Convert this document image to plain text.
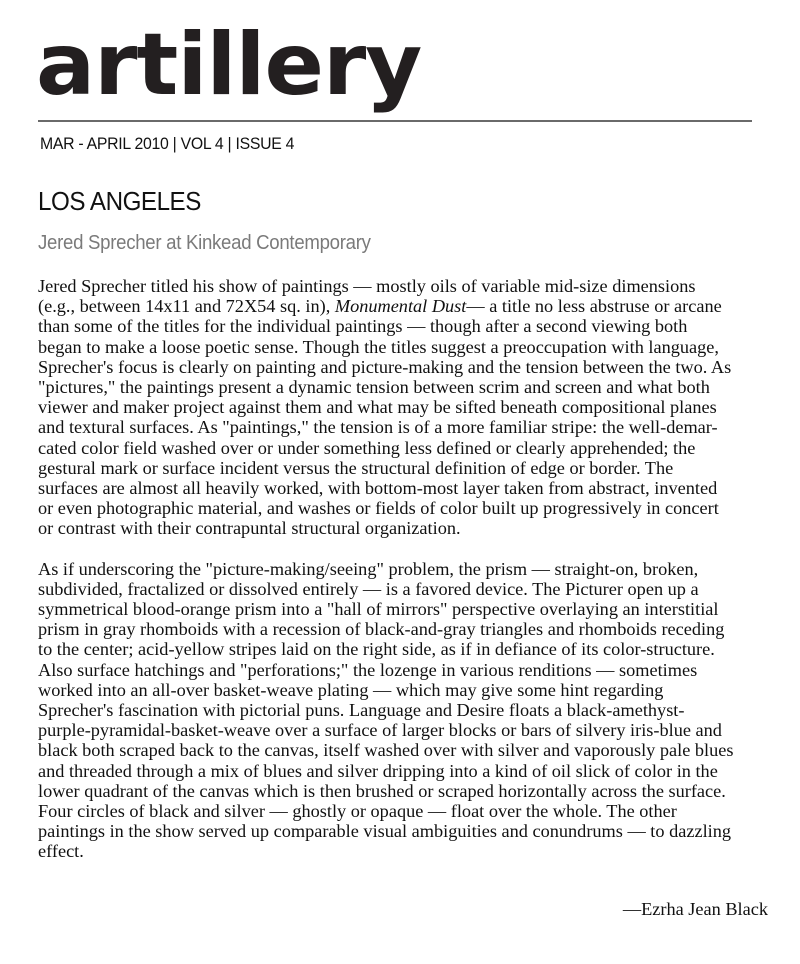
artillery
MAR - APRIL 2010 | VOL 4 | ISSUE 4
LOS ANGELES
Jered Sprecher at Kinkead Contemporary

Jered Sprecher titled his show of paintings — mostly oils of variable mid-size dimensions
(e.g., between 14x11 and 72X54 sq. in), Monumental Dust— a title no less abstruse or arcane
than some of the titles for the individual paintings — though after a second viewing both
began to make a loose poetic sense. Though the titles suggest a preoccupation with language,
Sprecher's focus is clearly on painting and picture-making and the tension between the two. As
"pictures," the paintings present a dynamic tension between scrim and screen and what both
viewer and maker project against them and what may be sifted beneath compositional planes
and textural surfaces. As "paintings," the tension is of a more familiar stripe: the well-demar-
cated color field washed over or under something less defined or clearly apprehended; the
gestural mark or surface incident versus the structural definition of edge or border. The
surfaces are almost all heavily worked, with bottom-most layer taken from abstract, invented
or even photographic material, and washes or fields of color built up progressively in concert
or contrast with their contrapuntal structural organization.

As if underscoring the "picture-making/seeing" problem, the prism — straight-on, broken,
subdivided, fractalized or dissolved entirely — is a favored device. The Picturer open up a
symmetrical blood-orange prism into a "hall of mirrors" perspective overlaying an interstitial
prism in gray rhomboids with a recession of black-and-gray triangles and rhomboids receding
to the center; acid-yellow stripes laid on the right side, as if in defiance of its color-structure.
Also surface hatchings and "perforations;" the lozenge in various renditions — sometimes
worked into an all-over basket-weave plating — which may give some hint regarding
Sprecher's fascination with pictorial puns. Language and Desire floats a black-amethyst-
purple-pyramidal-basket-weave over a surface of larger blocks or bars of silvery iris-blue and
black both scraped back to the canvas, itself washed over with silver and vaporously pale blues
and threaded through a mix of blues and silver dripping into a kind of oil slick of color in the
lower quadrant of the canvas which is then brushed or scraped horizontally across the surface.
Four circles of black and silver — ghostly or opaque — float over the whole. The other
paintings in the show served up comparable visual ambiguities and conundrums — to dazzling
effect.

—Ezrha Jean Black
